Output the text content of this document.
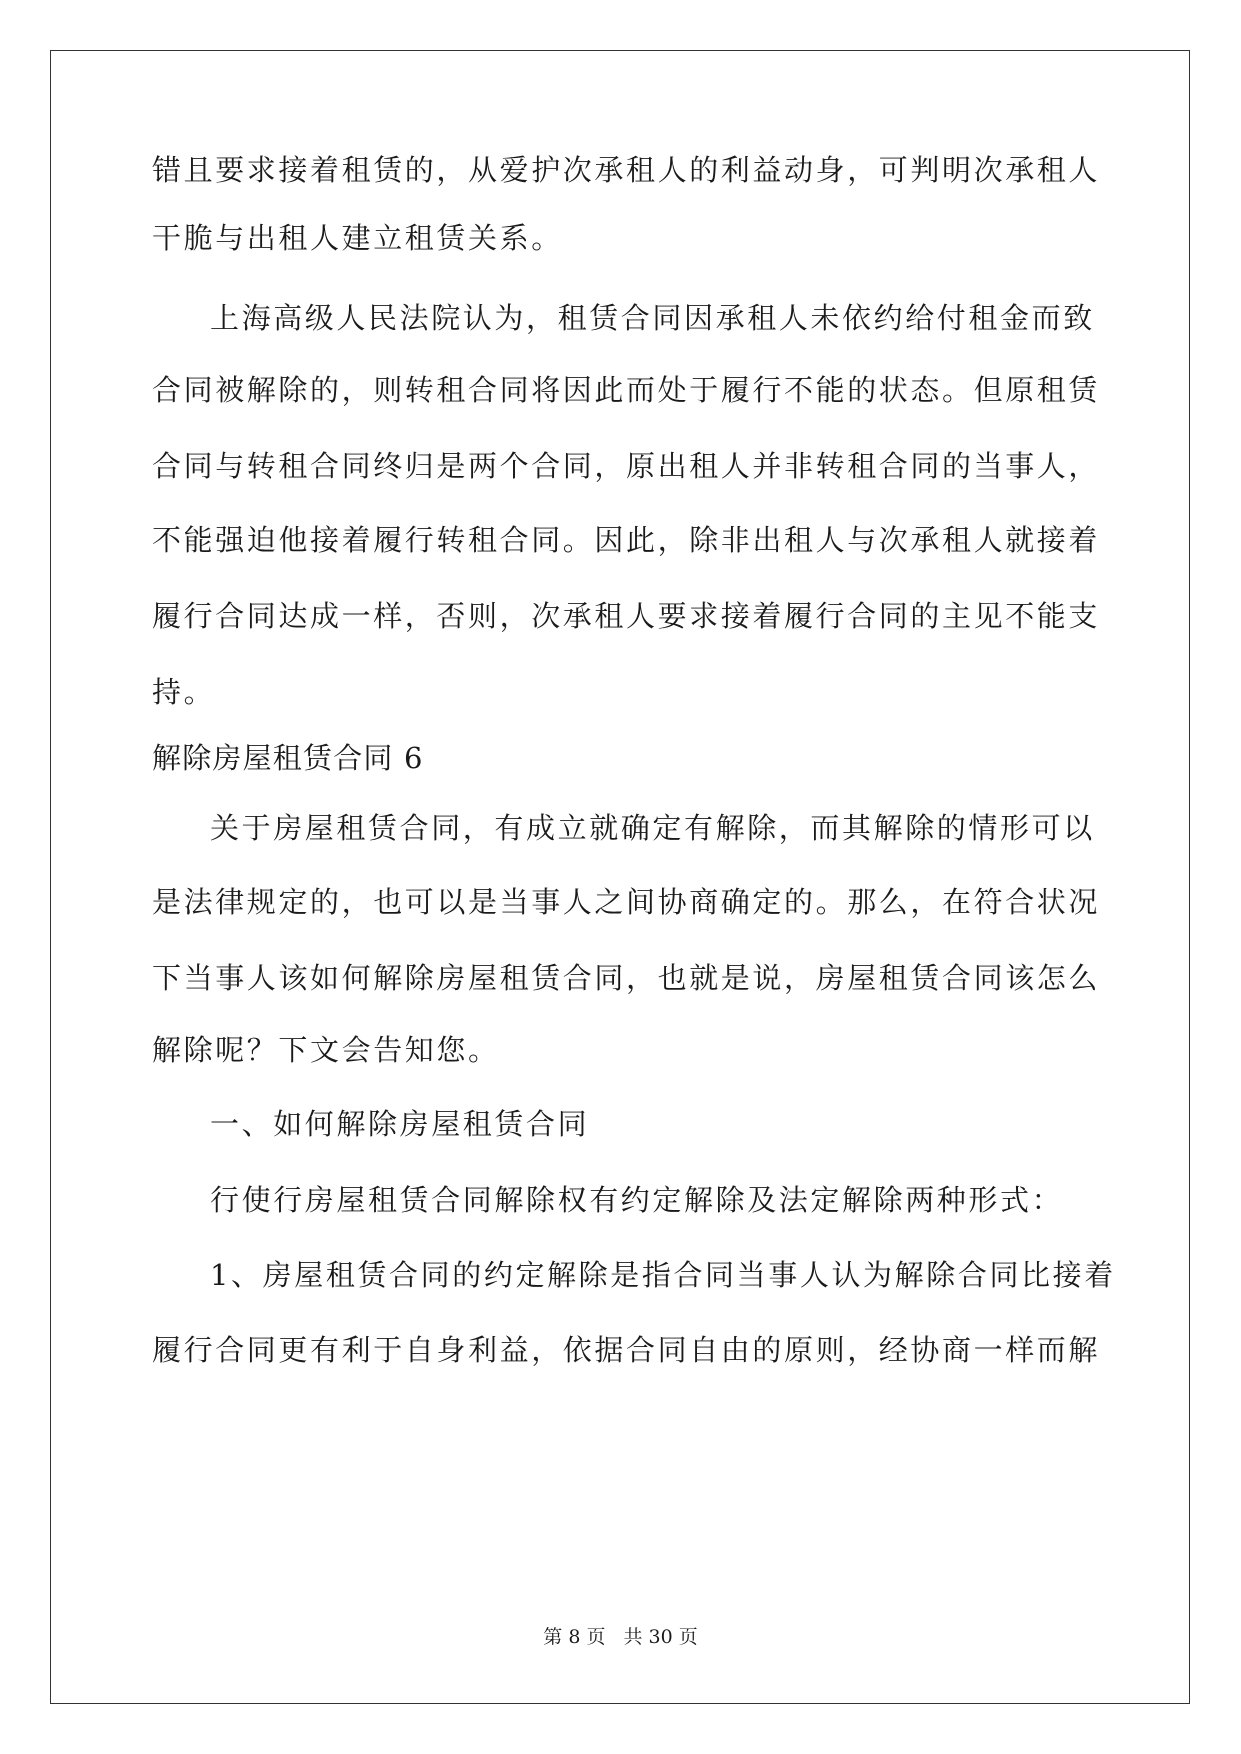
错且要求接着租赁的，从爱护次承租人的利益动身，可判明次承租人
干脆与出租人建立租赁关系。
上海高级人民法院认为，租赁合同因承租人未依约给付租金而致
合同被解除的，则转租合同将因此而处于履行不能的状态。但原租赁
合同与转租合同终归是两个合同，原出租人并非转租合同的当事人，
不能强迫他接着履行转租合同。因此，除非出租人与次承租人就接着
履行合同达成一样，否则，次承租人要求接着履行合同的主见不能支
持。
解除房屋租赁合同 6
关于房屋租赁合同，有成立就确定有解除，而其解除的情形可以
是法律规定的，也可以是当事人之间协商确定的。那么，在符合状况
下当事人该如何解除房屋租赁合同，也就是说，房屋租赁合同该怎么
解除呢？下文会告知您。
一、如何解除房屋租赁合同
行使行房屋租赁合同解除权有约定解除及法定解除两种形式：
1、房屋租赁合同的约定解除是指合同当事人认为解除合同比接着
履行合同更有利于自身利益，依据合同自由的原则，经协商一样而解
第 8 页 共 30 页
